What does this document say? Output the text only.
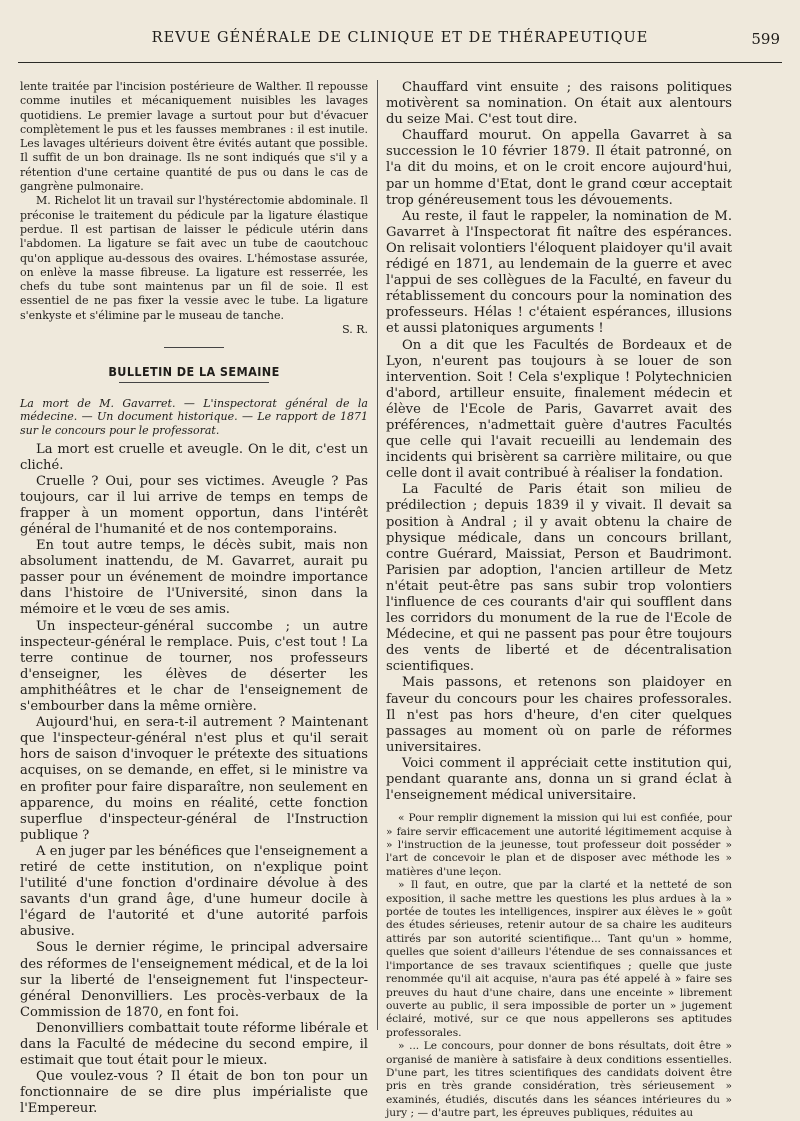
REVUE GÉNÉRALE DE CLINIQUE ET DE THÉRAPEUTIQUE	599

lente traitée par l'incision postérieure de Walther. Il repousse comme inutiles et mécaniquement nuisibles les lavages quotidiens. Le premier lavage a surtout pour but d'évacuer complètement le pus et les fausses membranes : il est inutile. Les lavages ultérieurs doivent être évités autant que possible. Il suffit de un bon drainage. Ils ne sont indiqués que s'il y a rétention d'une certaine quantité de pus ou dans le cas de gangrène pulmonaire.

M. Richelot lit un travail sur l'hystérectomie abdominale. Il préconise le traitement du pédicule par la ligature élastique perdue. Il est partisan de laisser le pédicule utérin dans l'abdomen. La ligature se fait avec un tube de caoutchouc qu'on applique au-dessous des ovaires. L'hémostase assurée, on enlève la masse fibreuse. La ligature est resserrée, les chefs du tube sont maintenus par un fil de soie. Il est essentiel de ne pas fixer la vessie avec le tube. La ligature s'enkyste et s'élimine par le museau de tanche.

S. R.

BULLETIN DE LA SEMAINE

La mort de M. Gavarret. — L'inspectorat général de la médecine. — Un document historique. — Le rapport de 1871 sur le concours pour le professorat.

La mort est cruelle et aveugle. On le dit, c'est un cliché.

Cruelle ? Oui, pour ses victimes. Aveugle ? Pas toujours, car il lui arrive de temps en temps de frapper à un moment opportun, dans l'intérêt général de l'humanité et de nos contemporains.

En tout autre temps, le décès subit, mais non absolument inattendu, de M. Gavarret, aurait pu passer pour un événement de moindre importance dans l'histoire de l'Université, sinon dans la mémoire et le vœu de ses amis.

Un inspecteur-général succombe ; un autre inspecteur-général le remplace. Puis, c'est tout ! La terre continue de tourner, nos professeurs d'enseigner, les élèves de déserter les amphithéâtres et le char de l'enseignement de s'embourber dans la même ornière.

Aujourd'hui, en sera-t-il autrement ? Maintenant que l'inspecteur-général n'est plus et qu'il serait hors de saison d'invoquer le prétexte des situations acquises, on se demande, en effet, si le ministre va en profiter pour faire disparaître, non seulement en apparence, du moins en réalité, cette fonction superflue d'inspecteur-général de l'Instruction publique ?

A en juger par les bénéfices que l'enseignement a retiré de cette institution, on n'explique point l'utilité d'une fonction d'ordinaire dévolue à des savants d'un grand âge, d'une humeur docile à l'égard de l'autorité et d'une autorité parfois abusive.

Sous le dernier régime, le principal adversaire des réformes de l'enseignement médical, et de la loi sur la liberté de l'enseignement fut l'inspecteur-général Denonvilliers. Les procès-verbaux de la Commission de 1870, en font foi.

Denonvilliers combattait toute réforme libérale et dans la Faculté de médecine du second empire, il estimait que tout était pour le mieux.

Que voulez-vous ? Il était de bon ton pour un fonctionnaire de se dire plus impérialiste que l'Empereur.

Chauffard vint ensuite ; des raisons politiques motivèrent sa nomination. On était aux alentours du seize Mai. C'est tout dire.

Chauffard mourut. On appella Gavarret à sa succession le 10 février 1879. Il était patronné, on l'a dit du moins, et on le croit encore aujourd'hui, par un homme d'Etat, dont le grand cœur acceptait trop généreusement tous les dévouements.

Au reste, il faut le rappeler, la nomination de M. Gavarret à l'Inspectorat fit naître des espérances. On relisait volontiers l'éloquent plaidoyer qu'il avait rédigé en 1871, au lendemain de la guerre et avec l'appui de ses collègues de la Faculté, en faveur du rétablissement du concours pour la nomination des professeurs. Hélas ! c'étaient espérances, illusions et aussi platoniques arguments !

On a dit que les Facultés de Bordeaux et de Lyon, n'eurent pas toujours à se louer de son intervention. Soit ! Cela s'explique ! Polytechnicien d'abord, artilleur ensuite, finalement médecin et élève de l'Ecole de Paris, Gavarret avait des préférences, n'admettait guère d'autres Facultés que celle qui l'avait recueilli au lendemain des incidents qui brisèrent sa carrière militaire, ou que celle dont il avait contribué à réaliser la fondation.

La Faculté de Paris était son milieu de prédilection ; depuis 1839 il y vivait. Il devait sa position à Andral ; il y avait obtenu la chaire de physique médicale, dans un concours brillant, contre Guérard, Maissiat, Person et Baudrimont. Parisien par adoption, l'ancien artilleur de Metz n'était peut-être pas sans subir trop volontiers l'influence de ces courants d'air qui soufflent dans les corridors du monument de la rue de l'Ecole de Médecine, et qui ne passent pas pour être toujours des vents de liberté et de décentralisation scientifiques.

Mais passons, et retenons son plaidoyer en faveur du concours pour les chaires professorales. Il n'est pas hors d'heure, d'en citer quelques passages au moment où on parle de réformes universitaires.

Voici comment il appréciait cette institution qui, pendant quarante ans, donna un si grand éclat à l'enseignement médical universitaire.

« Pour remplir dignement la mission qui lui est confiée, pour » faire servir efficacement une autorité légitimement acquise à » l'instruction de la jeunesse, tout professeur doit posséder » l'art de concevoir le plan et de disposer avec méthode les » matières d'une leçon.

» Il faut, en outre, que par la clarté et la netteté de son exposition, il sache mettre les questions les plus ardues à la » portée de toutes les intelligences, inspirer aux élèves le » goût des études sérieuses, retenir autour de sa chaire les auditeurs attirés par son autorité scientifique... Tant qu'un » homme, quelles que soient d'ailleurs l'étendue de ses connaissances et l'importance de ses travaux scientifiques ; quelle que juste renommée qu'il ait acquise, n'aura pas été appelé à » faire ses preuves du haut d'une chaire, dans une enceinte » librement ouverte au public, il sera impossible de porter un » jugement éclairé, motivé, sur ce que nous appellerons ses aptitudes professorales.

» ... Le concours, pour donner de bons résultats, doit être » organisé de manière à satisfaire à deux conditions essentielles. D'une part, les titres scientifiques des candidats doivent être pris en très grande considération, très sérieusement » examinés, étudiés, discutés dans les séances intérieures du » jury ; — d'autre part, les épreuves publiques, réduites au
